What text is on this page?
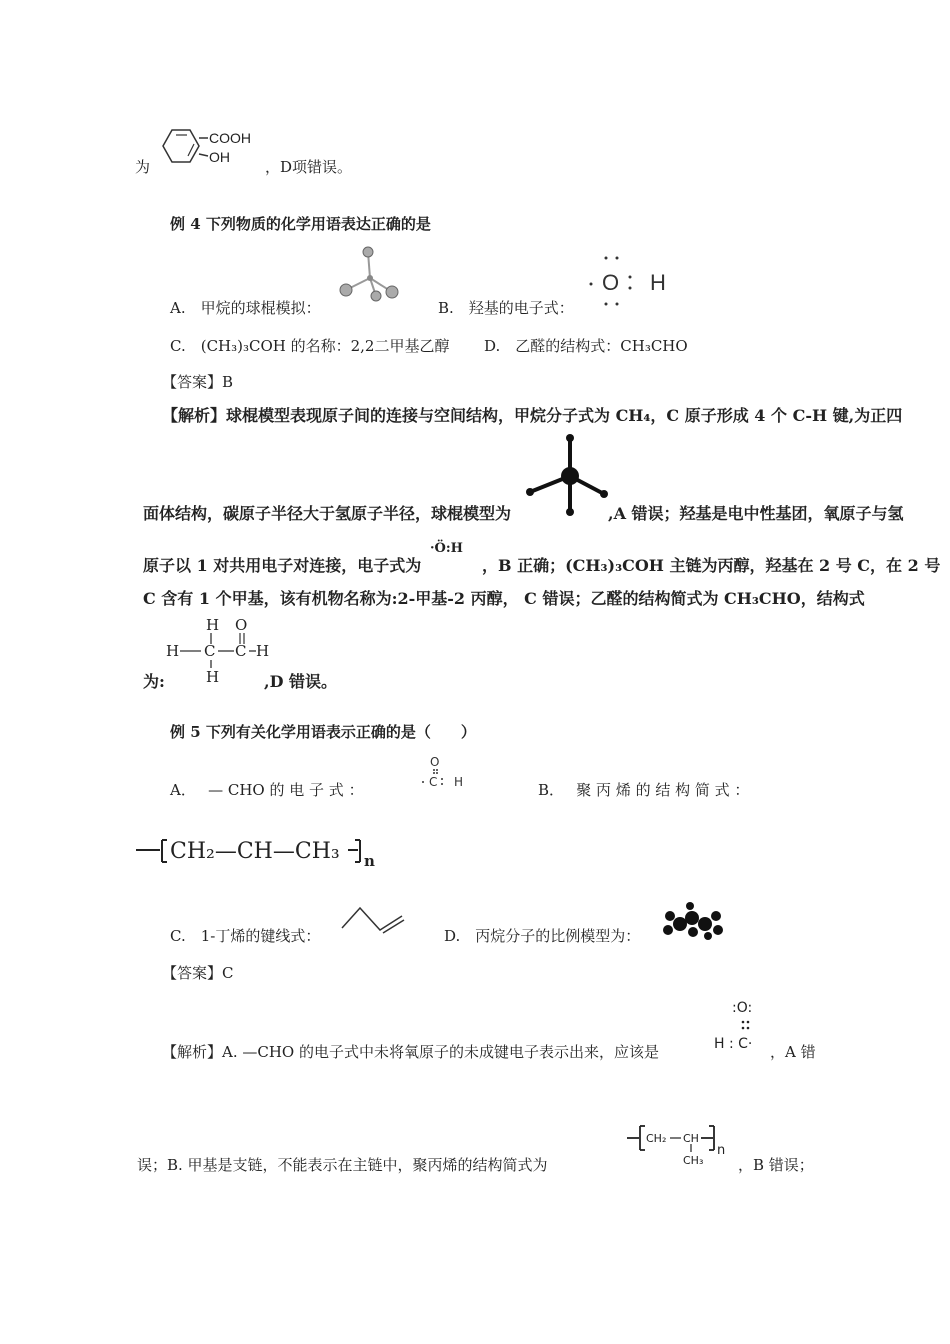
为
COOH
OH
，D项错误。
例 4 下列物质的化学用语表达正确的是
A.　甲烷的球棍模拟：	B.　羟基的电子式：
O H
C.　(CH₃)₃COH 的名称：2,2二甲基乙醇 D.　乙醛的结构式：CH₃CHO
【答案】B
【解析】球棍模型表现原子间的连接与空间结构，甲烷分子式为 CH₄，C 原子形成 4 个 C-H 键,为正四
面体结构，碳原子半径大于氢原子半径，球棍模型为	,A 错误；羟基是电中性基团，氧原子与氢
原子以 1 对共用电子对连接，电子式为
·Ö:H
，B 正确；(CH₃)₃COH 主链为丙醇，羟基在 2 号 C，在 2 号
C 含有 1 个甲基，该有机物名称为:2-甲基-2 丙醇， C 错误；乙醛的结构简式为 CH₃CHO，结构式
H
H C
H
C
O
H
为:	,D 错误。
例 5 下列有关化学用语表示正确的是（　　）
A．　 — CHO 的 电 子 式 ：
O
C H	B．　 聚 丙 烯 的 结 构 简 式 ：
CH₂—CH—CH₃ n
C.　1-丁烯的键线式：	D.　丙烷分子的比例模型为：
【答案】C
:O:
H : C·
【解析】A. —CHO 的电子式中未将氧原子的未成键电子表示出来，应该是	，A 错
误；B. 甲基是支链，不能表示在主链中，聚丙烯的结构简式为
CH₂ CH
CH₃
n
，B 错误；
